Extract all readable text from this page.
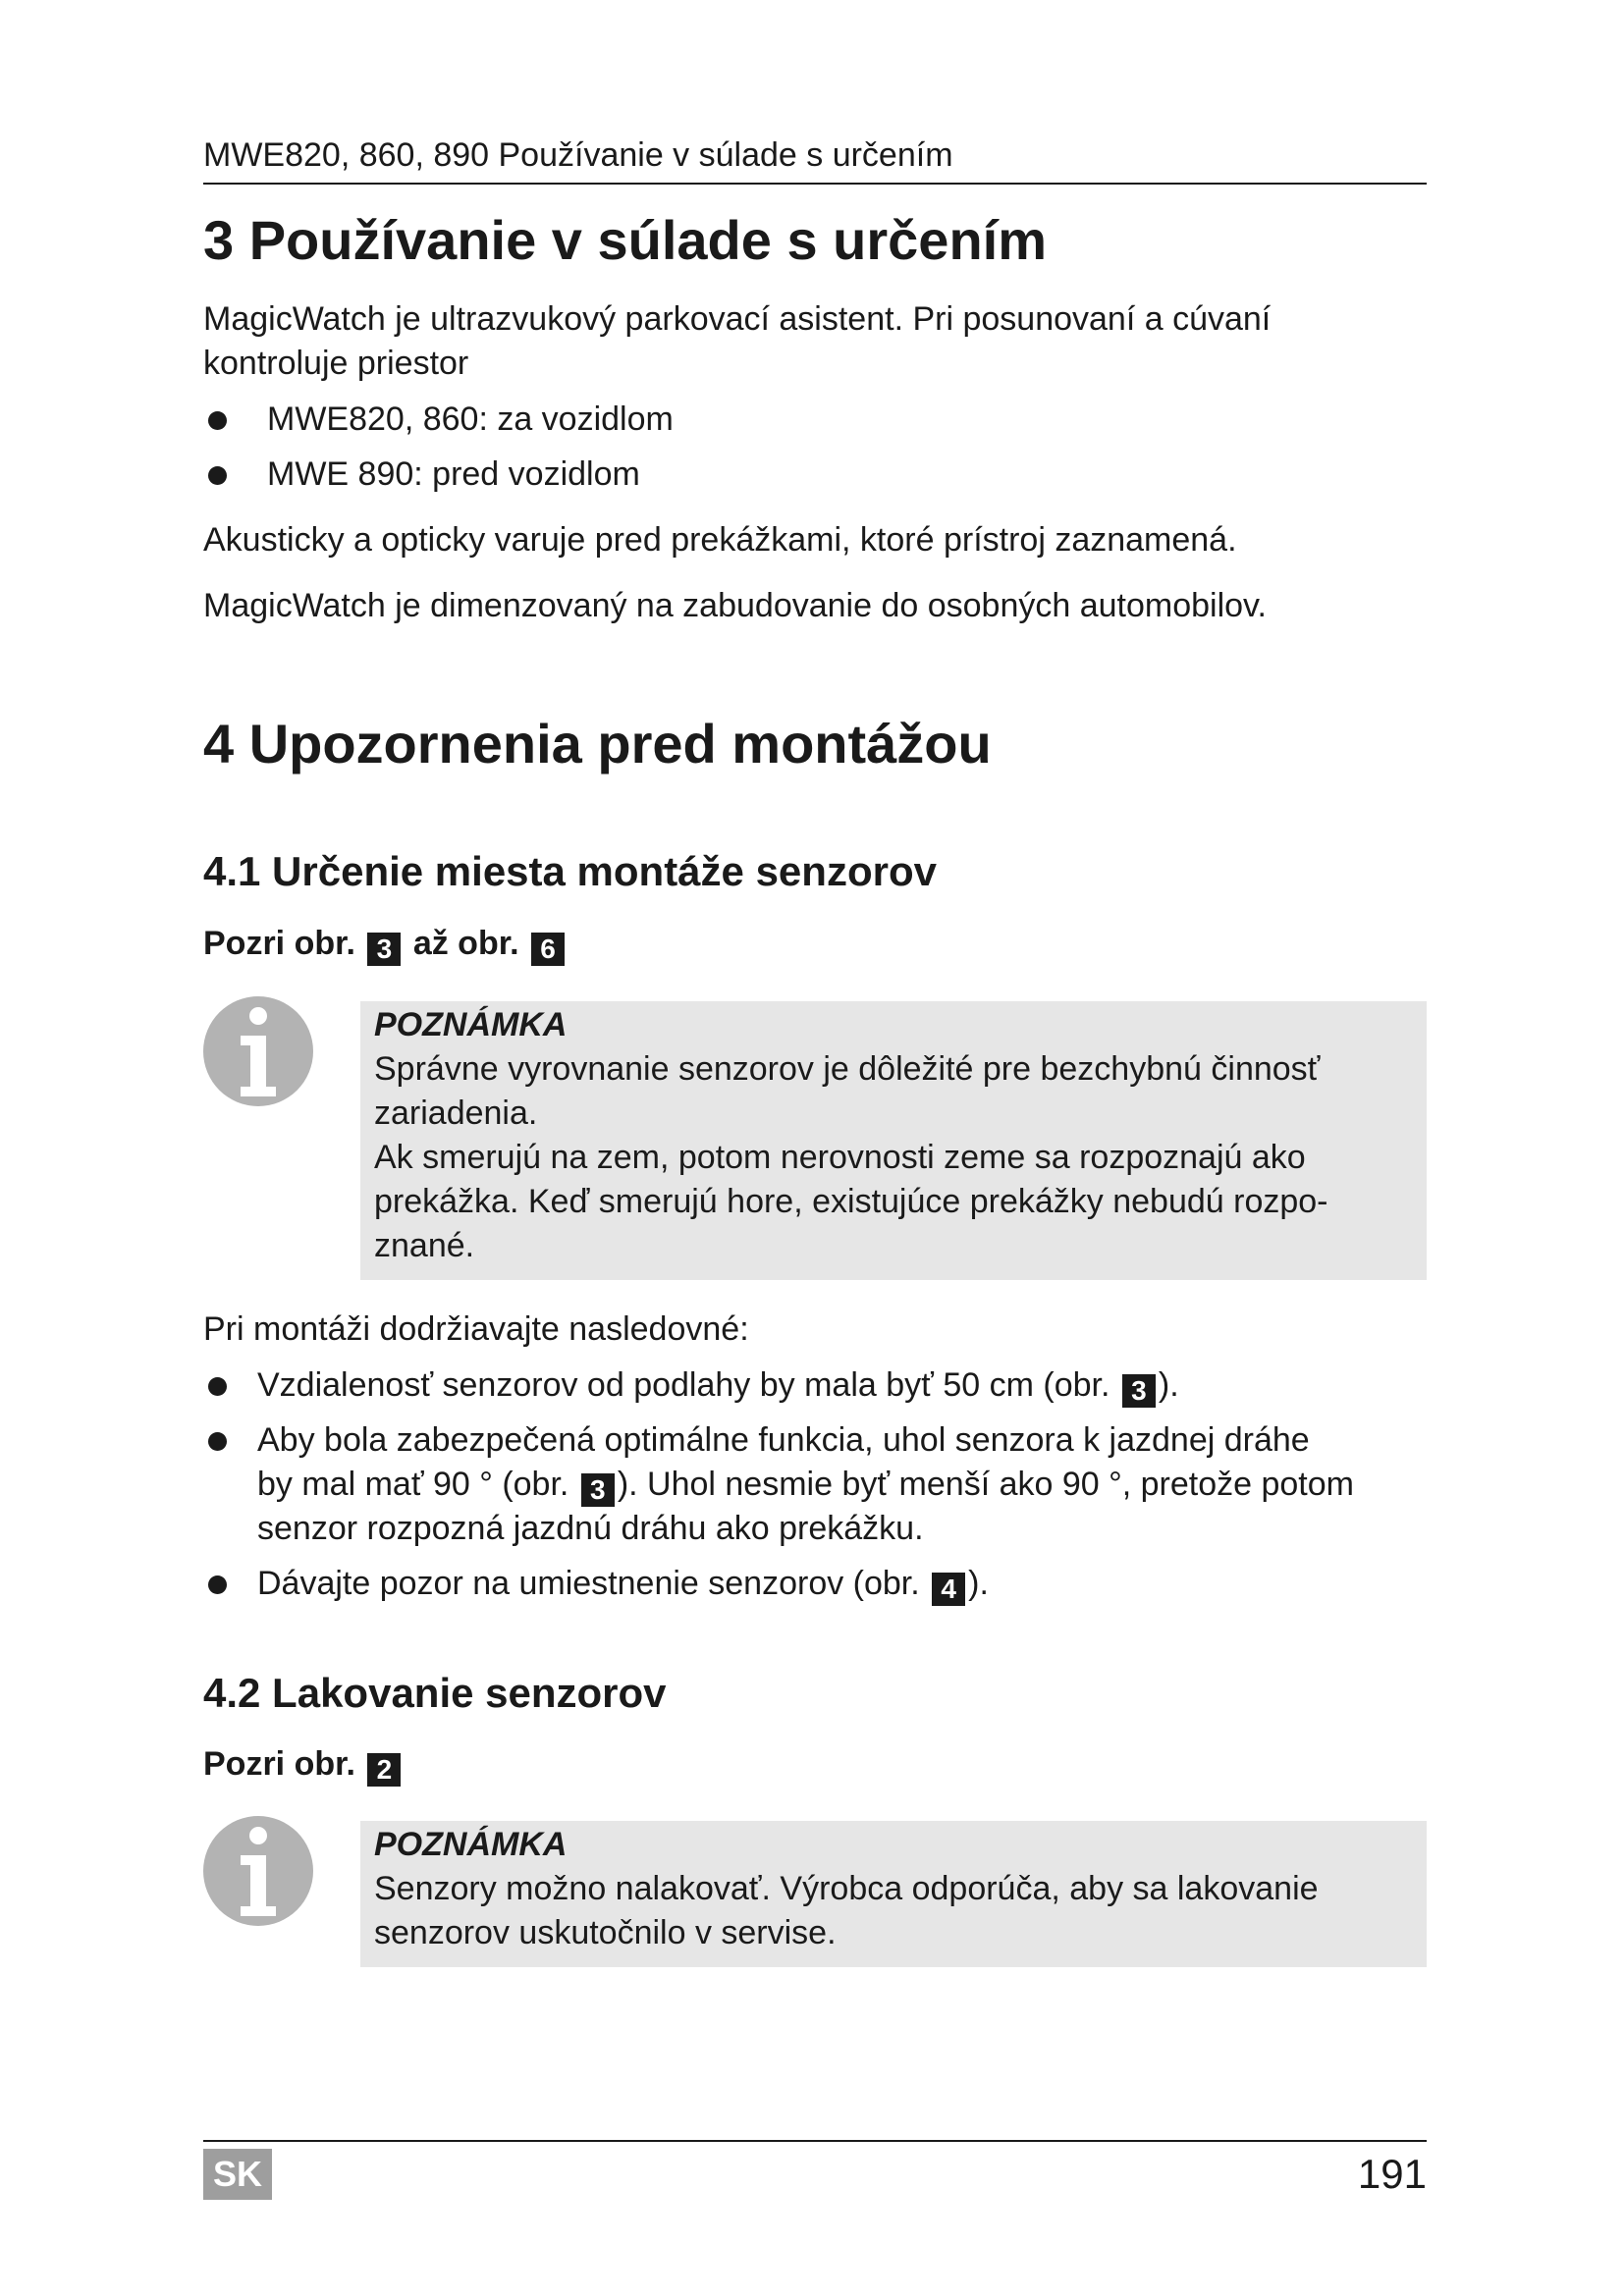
MWE820, 860, 890 Používanie v súlade s určením
3 Používanie v súlade s určením
MagicWatch je ultrazvukový parkovací asistent. Pri posunovaní a cúvaní
kontroluje priestor
MWE820, 860: za vozidlom
MWE 890: pred vozidlom
Akusticky a opticky varuje pred prekážkami, ktoré prístroj zaznamená.
MagicWatch je dimenzovaný na zabudovanie do osobných automobilov.
4 Upozornenia pred montážou
4.1 Určenie miesta montáže senzorov
Pozri obr. 3 až obr. 6
POZNÁMKA
Správne vyrovnanie senzorov je dôležité pre bezchybnú činnosť
zariadenia.
Ak smerujú na zem, potom nerovnosti zeme sa rozpoznajú ako
prekážka. Keď smerujú hore, existujúce prekážky nebudú rozpo-
znané.
Pri montáži dodržiavajte nasledovné:
Vzdialenosť senzorov od podlahy by mala byť 50 cm (obr. 3 ).
Aby bola zabezpečená optimálne funkcia, uhol senzora k jazdnej dráhe
by mal mať 90 ° (obr. 3 ). Uhol nesmie byť menší ako 90 °, pretože potom
senzor rozpozná jazdnú dráhu ako prekážku.
Dávajte pozor na umiestnenie senzorov (obr. 4 ).
4.2 Lakovanie senzorov
Pozri obr. 2
POZNÁMKA
Senzory možno nalakovať. Výrobca odporúča, aby sa lakovanie
senzorov uskutočnilo v servise.
SK	191
